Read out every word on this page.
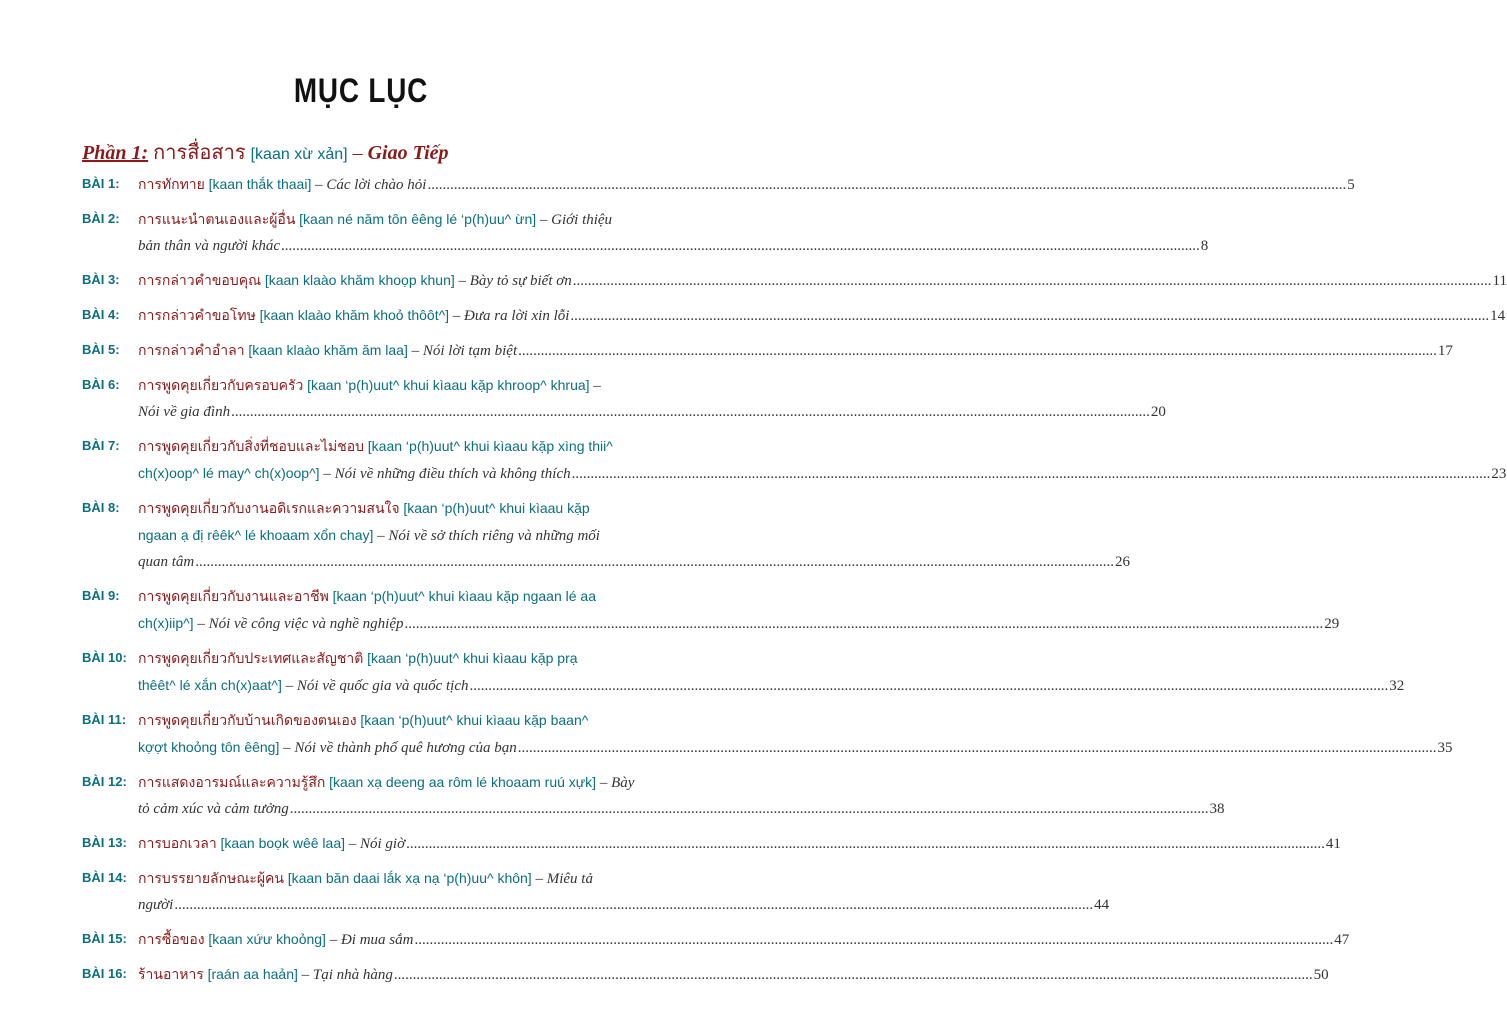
MỤC LỤC
Phần 1: การสื่อสาร [kaan xừ xản] – Giao Tiếp
BÀI 1:	การทักทาย [kaan thắk thaai] – Các lời chào hỏi .....	5
BÀI 2:	การแนะนำตนเองและผู้อื่น [kaan né năm tôn êêng lé ‘p(h)uu^ ừn] – Giới thiệu
bản thân và người khác .....	8
BÀI 3:	การกล่าวคำขอบคุณ [kaan klaào khăm khoọp khun] – Bày tỏ sự biết ơn .....	11
BÀI 4:	การกล่าวคำขอโทษ [kaan klaào khăm khoỏ thôôt^] – Đưa ra lời xin lỗi .....	14
BÀI 5:	การกล่าวคำอำลา [kaan klaào khăm ăm laa] – Nói lời tạm biệt .....	17
BÀI 6:	การพูดคุยเกี่ยวกับครอบครัว [kaan ‘p(h)uut^ khui kìaau kặp khroop^ khrua] –
Nói về gia đình .....	20
BÀI 7:	การพูดคุยเกี่ยวกับสิ่งที่ชอบและไม่ชอบ [kaan ‘p(h)uut^ khui kìaau kặp xìng thii^
ch(x)oop^ lé may^ ch(x)oop^] – Nói về những điều thích và không thích .....	23
BÀI 8:	การพูดคุยเกี่ยวกับงานอดิเรกและความสนใจ [kaan ‘p(h)uut^ khui kìaau kặp
ngaan ạ đị rêêk^ lé khoaam xổn chay] – Nói về sở thích riêng và những mối
quan tâm .....	26
BÀI 9:	การพูดคุยเกี่ยวกับงานและอาชีพ [kaan ‘p(h)uut^ khui kìaau kặp ngaan lé aa
ch(x)iip^] – Nói về công việc và nghề nghiệp .....	29
BÀI 10: การพูดคุยเกี่ยวกับประเทศและสัญชาติ [kaan ‘p(h)uut^ khui kìaau kặp prạ
thêêt^ lé xắn ch(x)aat^] – Nói về quốc gia và quốc tịch .....	32
BÀI 11: การพูดคุยเกี่ยวกับบ้านเกิดของตนเอง [kaan ‘p(h)uut^ khui kìaau kặp baan^
kợợt khoỏng tôn êêng] – Nói về thành phố quê hương của bạn .....	35
BÀI 12: การแสดงอารมณ์และความรู้สึก [kaan xạ deeng aa rôm lé khoaam ruú xựk] – Bày
tỏ cảm xúc và cảm tưởng .....	38
BÀI 13: การบอกเวลา [kaan boọk wêê laa] – Nói giờ .....	41
BÀI 14: การบรรยายลักษณะผู้คน [kaan băn daai lắk xạ nạ ‘p(h)uu^ khôn] – Miêu tả
người .....	44
BÀI 15: การซื้อของ [kaan xứư khoỏng] – Đi mua sắm .....	47
BÀI 16: ร้านอาหาร [raán aa haản] – Tại nhà hàng .....	50
